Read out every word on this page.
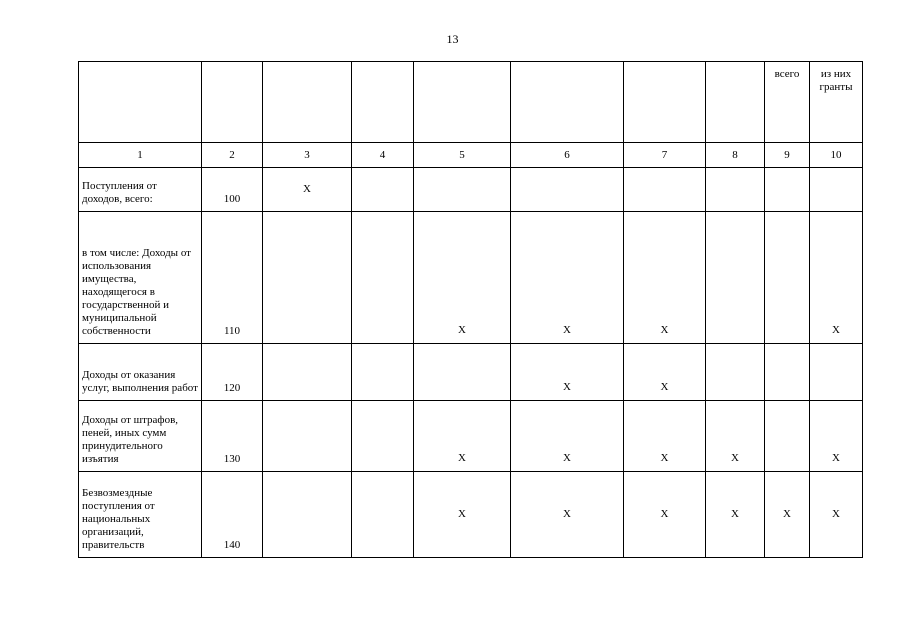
13

								всего	из них гранты

1	2	3	4	5	6	7	8	9	10

Поступления от доходов, всего:	100	X							

в том числе: Доходы от использования имущества, находящегося в государственной и муниципальной собственности	110			X	X	X			X

Доходы от оказания услуг, выполнения работ	120				X	X			

Доходы от штрафов, пеней, иных сумм принудительного изъятия	130			X	X	X	X		X

Безвозмездные поступления от национальных организаций, правительств	140			X	X	X	X	X	X
